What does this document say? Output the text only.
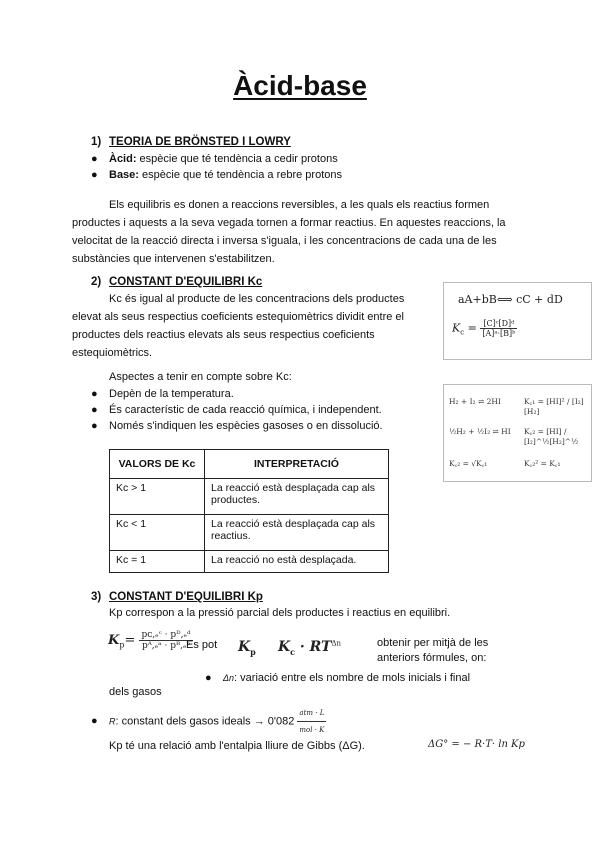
Àcid-base
1) TEORIA DE BRÖNSTED I LOWRY
● Àcid: espècie que té tendència a cedir protons
● Base: espècie que té tendència a rebre protons
Els equilibris es donen a reaccions reversibles, a les quals els reactius formen productes i aquests a la seva vegada tornen a formar reactius. En aquestes reaccions, la velocitat de la reacció directa i inversa s'iguala, i les concentracions de cada una de les substàncies que intervenen s'estabilitzen.
2) CONSTANT D'EQUILIBRI Kc
Kc és igual al producte de les concentracions dels productes elevat als seus respectius coeficients estequiomètrics dividit entre el productes dels reactius elevats als seus respectius coeficients estequiomètrics.
aA+bB⟺ cC + dD
$K_c = \frac{\text{[C]ᶜ[D]ᵈ}}{\text{[A]ᵃ·[B]ᵇ}}$
Aspectes a tenir en compte sobre Kc:
● Depèn de la temperatura.
● És característic de cada reacció química, i independent.
● Només s'indiquen les espècies gasoses o en dissolució.
H₂ + I₂ ⇌ 2HI	K꜀₁ = [HI]² / [I₂][H₂]
½H₂ + ½I₂ ⇌ HI K꜀₂ = [HI] / [I₂]^½[H₂]^½
K꜀₂ = √K꜀₁	K꜀₂² = K꜀₁
VALORS DE Kc	INTERPRETACIÓ
Kc > 1	La reacció està desplaçada cap als productes.
Kc < 1	La reacció està desplaçada cap als reactius.
Kc = 1	La reacció no està desplaçada.
3) CONSTANT D'EQUILIBRI Kp
Kp correspon a la pressió parcial dels productes i reactius en equilibri.
$K_p= \frac{\text{pᴄ,ₑᶜ · pᴰ,ₑᵈ}}{\text{pᴬ,ₑᵃ · pᴮ,ₑᵇ}}$
Es pot $K_p$ $K_c \cdot RT^{\Delta n}$	obtenir per mitjà de les anteriors fórmules, on:
● Δn: variació entre els nombre de mols inicials i final
dels gasos
● R: constant dels gasos ideals → $0'082 \frac{\text{atm · L}}{\text{mol · K}}$
Kp té una relació amb l'entalpia lliure de Gibbs (ΔG).	ΔG° = − R·T· ln Kp
